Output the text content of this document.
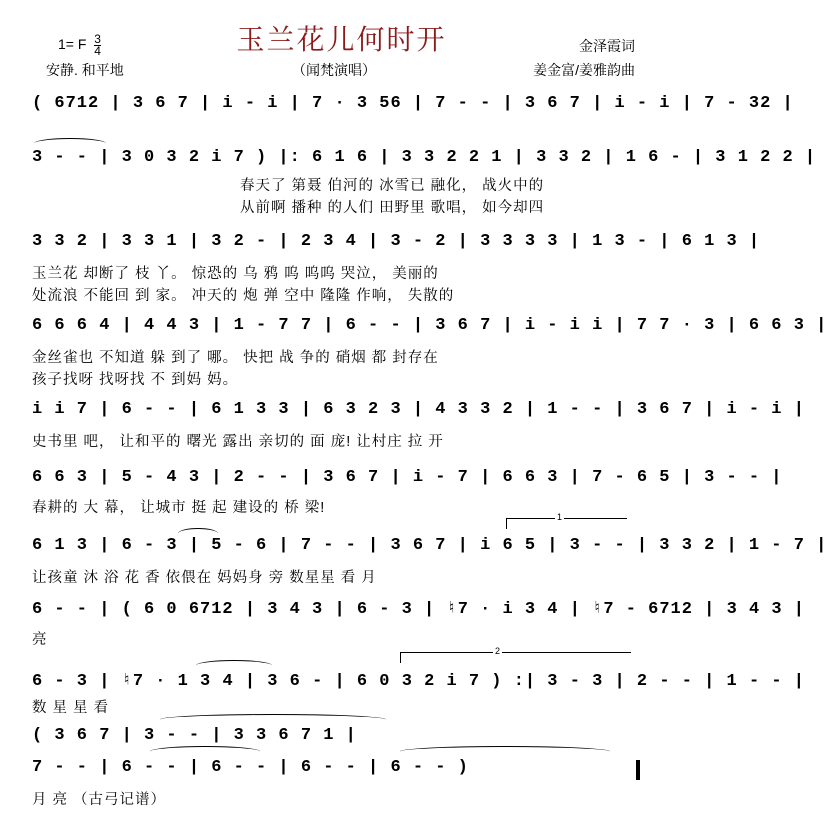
1= F $\frac{3}{4}$	玉兰花儿何时开	金泽霞词
安静. 和平地	（闻梵演唱）	姜金富/姜雅韵曲
( 6712 | 3 6 7 | i - i | 7 · 3 56 | 7 - - | 3 6 7 | i - i | 7 - 32 |
3 - - | 3 0 3 2 i 7 ) |: 6 1 6 | 3 3 2 2 1 | 3 3 2 | 1 6 - | 3 1 2 2 |
春天了 第聂 伯河的 冰雪已 融化， 战火中的
从前啊 播种 的人们 田野里 歌唱， 如今却四
3 3 2 | 3 3 1 | 3 2 - | 2 3 4 | 3 - 2 | 3 3 3 3 | 1 3 - | 6 1 3 |
玉兰花 却断了 枝 丫。 惊恐的 乌 鸦 呜 呜呜 哭泣， 美丽的
处流浪 不能回 到 家。 冲天的 炮 弹 空中 隆隆 作响， 失散的
6 6 6 4 | 4 4 3 | 1 - 7 7 | 6 - - | 3 6 7 | i - i i | 7 7 · 3 | 6 6 3 |
金丝雀也 不知道 躲 到了 哪。 快把 战 争的 硝烟 都 封存在
孩子找呀 找呀找 不 到妈 妈。
i i 7 | 6 - - | 6 1 3 3 | 6 3 2 3 | 4 3 3 2 | 1 - - | 3 6 7 | i - i |
史书里 吧， 让和平的 曙光 露出 亲切的 面 庞! 让村庄 拉 开
6 6 3 | 5 - 4 3 | 2 - - | 3 6 7 | i - 7 | 6 6 3 | 7 - 6 5 | 3 - - |
春耕的 大 幕， 让城市 挺 起 建设的 桥 梁!
1
6 1 3 | 6 - 3 | 5 - 6 | 7 - - | 3 6 7 | i 6 5 | 3 - - | 3 3 2 | 1 - 7 |
让孩童 沐 浴 花 香 依偎在 妈妈身 旁 数星星 看 月
6 - - | ( 6 0 6712 | 3 4 3 | 6 - 3 | ♮7 · i 3 4 | ♮7 - 6712 | 3 4 3 |
亮
2
6 - 3 | ♮7 · 1 3 4 | 3 6 - | 6 0 3 2 i 7 ) :| 3 - 3 | 2 - - | 1 - - |
数 星 星 看
( 3 6 7 | 3 - - | 3 3 6 7 1 |
7 - - | 6 - - | 6 - - | 6 - - | 6 - - )
月 亮 （古弓记谱）
